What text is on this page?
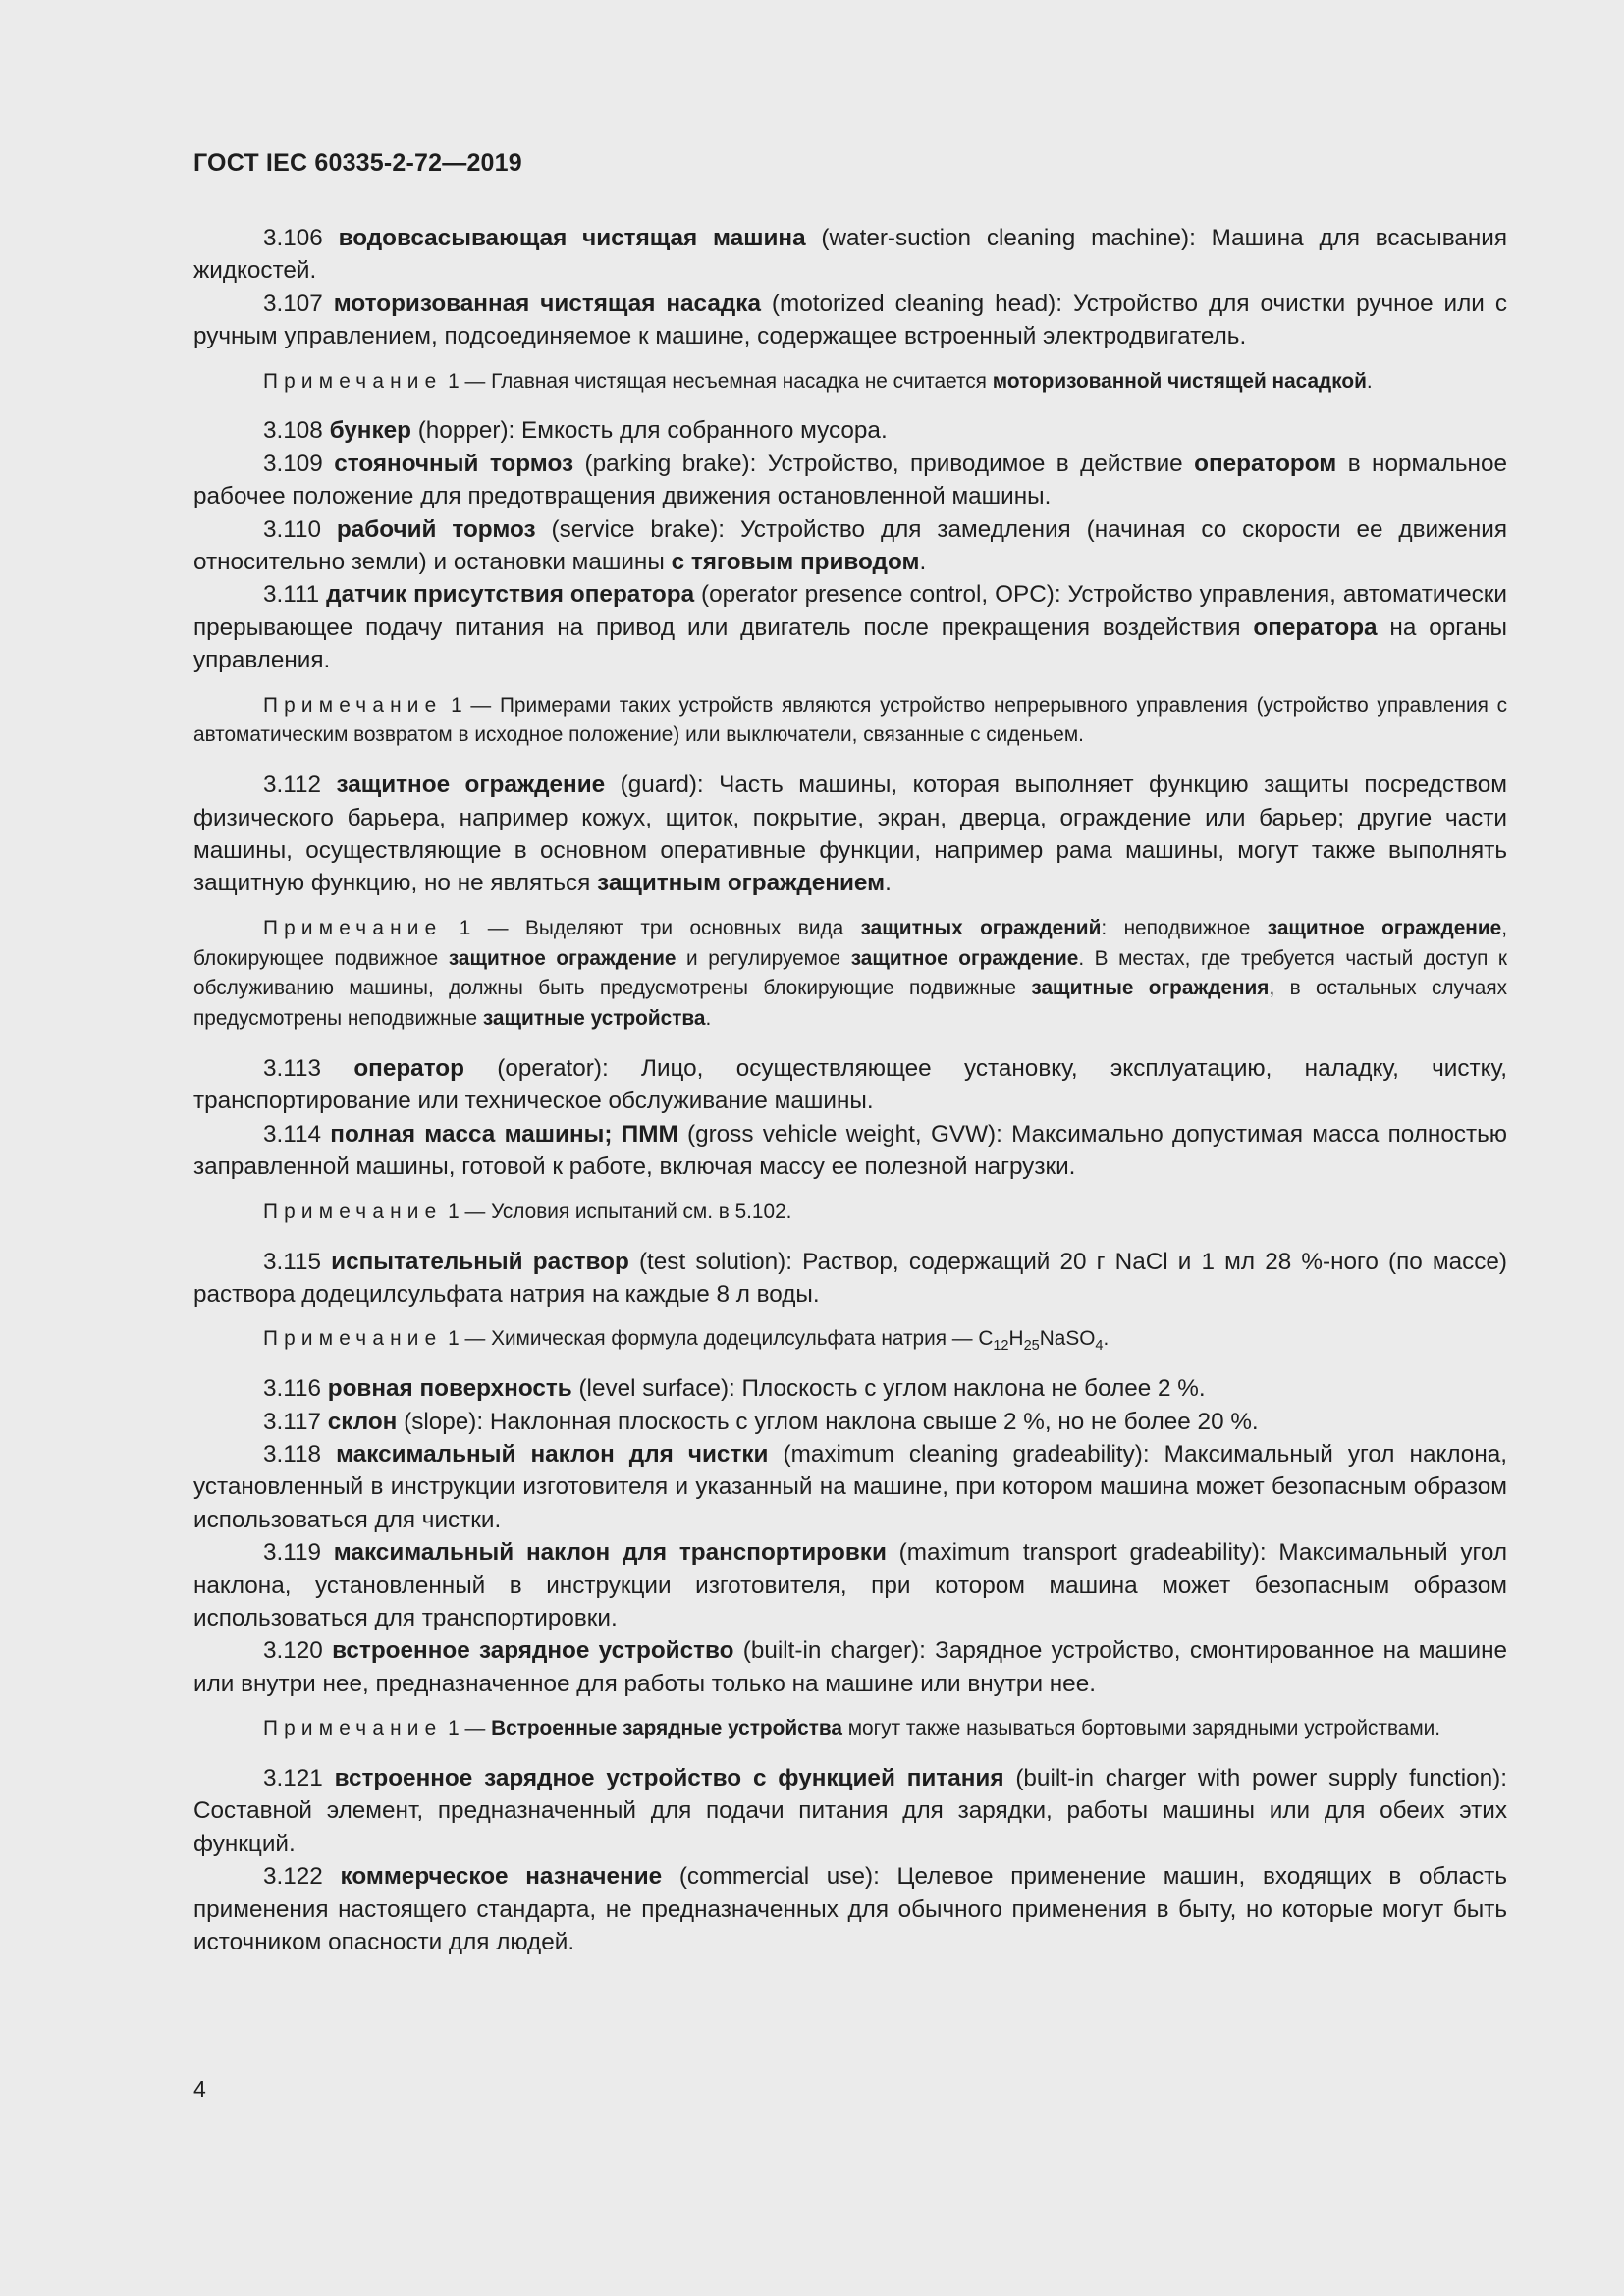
ГОСТ IEC 60335-2-72—2019

3.106 водовсасывающая чистящая машина (water-suction cleaning machine): Машина для всасывания жидкостей.

3.107 моторизованная чистящая насадка (motorized cleaning head): Устройство для очистки ручное или с ручным управлением, подсоединяемое к машине, содержащее встроенный электродвигатель.

Примечание 1 — Главная чистящая несъемная насадка не считается моторизованной чистящей насадкой.

3.108 бункер (hopper): Емкость для собранного мусора.

3.109 стояночный тормоз (parking brake): Устройство, приводимое в действие оператором в нормальное рабочее положение для предотвращения движения остановленной машины.

3.110 рабочий тормоз (service brake): Устройство для замедления (начиная со скорости ее движения относительно земли) и остановки машины с тяговым приводом.

3.111 датчик присутствия оператора (operator presence control, OPC): Устройство управления, автоматически прерывающее подачу питания на привод или двигатель после прекращения воздействия оператора на органы управления.

Примечание 1 — Примерами таких устройств являются устройство непрерывного управления (устройство управления с автоматическим возвратом в исходное положение) или выключатели, связанные с сиденьем.

3.112 защитное ограждение (guard): Часть машины, которая выполняет функцию защиты посредством физического барьера, например кожух, щиток, покрытие, экран, дверца, ограждение или барьер; другие части машины, осуществляющие в основном оперативные функции, например рама машины, могут также выполнять защитную функцию, но не являться защитным ограждением.

Примечание 1 — Выделяют три основных вида защитных ограждений: неподвижное защитное ограждение, блокирующее подвижное защитное ограждение и регулируемое защитное ограждение. В местах, где требуется частый доступ к обслуживанию машины, должны быть предусмотрены блокирующие подвижные защитные ограждения, в остальных случаях предусмотрены неподвижные защитные устройства.

3.113 оператор (operator): Лицо, осуществляющее установку, эксплуатацию, наладку, чистку, транспортирование или техническое обслуживание машины.

3.114 полная масса машины; ПММ (gross vehicle weight, GVW): Максимально допустимая масса полностью заправленной машины, готовой к работе, включая массу ее полезной нагрузки.

Примечание 1 — Условия испытаний см. в 5.102.

3.115 испытательный раствор (test solution): Раствор, содержащий 20 г NaCl и 1 мл 28 %-ного (по массе) раствора додецилсульфата натрия на каждые 8 л воды.

Примечание 1 — Химическая формула додецилсульфата натрия — $C_{12}H_{25}NaSO_4$.

3.116 ровная поверхность (level surface): Плоскость с углом наклона не более 2 %.

3.117 склон (slope): Наклонная плоскость с углом наклона свыше 2 %, но не более 20 %.

3.118 максимальный наклон для чистки (maximum cleaning gradeability): Максимальный угол наклона, установленный в инструкции изготовителя и указанный на машине, при котором машина может безопасным образом использоваться для чистки.

3.119 максимальный наклон для транспортировки (maximum transport gradeability): Максимальный угол наклона, установленный в инструкции изготовителя, при котором машина может безопасным образом использоваться для транспортировки.

3.120 встроенное зарядное устройство (built-in charger): Зарядное устройство, смонтированное на машине или внутри нее, предназначенное для работы только на машине или внутри нее.

Примечание 1 — Встроенные зарядные устройства могут также называться бортовыми зарядными устройствами.

3.121 встроенное зарядное устройство с функцией питания (built-in charger with power supply function): Составной элемент, предназначенный для подачи питания для зарядки, работы машины или для обеих этих функций.

3.122 коммерческое назначение (commercial use): Целевое применение машин, входящих в область применения настоящего стандарта, не предназначенных для обычного применения в быту, но которые могут быть источником опасности для людей.

4
